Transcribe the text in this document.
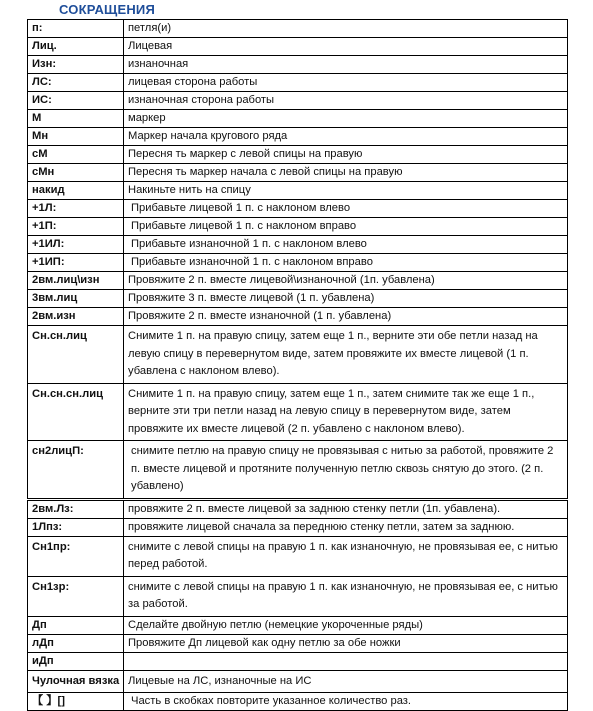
СОКРАЩЕНИЯ
п:	петля(и)
Лиц.	Лицевая
Изн:	изнаночная
ЛС:	лицевая сторона работы
ИС:	изнаночная сторона работы
М	маркер
Мн	Маркер начала кругового ряда
сМ	Пересня ть маркер с левой спицы на правую
сМн	Пересня ть маркер начала с левой спицы на правую
накид	Накиньте нить на спицу
+1Л:	Прибавьте лицевой 1 п. с наклоном влево
+1П:	Прибавьте лицевой 1 п. с наклоном вправо
+1ИЛ:	Прибавьте изнаночной 1 п. с наклоном влево
+1ИП:	Прибавьте изнаночной 1 п. с наклоном вправо
2вм.лиц\изн	Провяжите 2 п. вместе лицевой\изнаночной (1п. убавлена)
3вм.лиц	Провяжите 3 п. вместе лицевой (1 п. убавлена)
2вм.изн	Провяжите 2 п. вместе изнаночной (1 п. убавлена)
Сн.сн.лиц	Снимите 1 п. на правую спицу, затем еще 1 п., верните эти обе петли назад на левую спицу в перевернутом виде, затем провяжите их вместе лицевой (1 п. убавлена с наклоном влево).
Сн.сн.сн.лиц	Снимите 1 п. на правую спицу, затем еще 1 п., затем снимите так же еще 1 п., верните эти три петли назад на левую спицу в перевернутом виде, затем провяжите их вместе лицевой (2 п. убавлено с наклоном влево).
сн2лицП:	снимите петлю на правую спицу не провязывая с нитью за работой, провяжите 2 п. вместе лицевой и протяните полученную петлю сквозь снятую до этого. (2 п. убавлено)
2вм.Лз:	провяжите 2 п. вместе лицевой за заднюю стенку петли (1п. убавлена).
1Лпз:	провяжите лицевой сначала за переднюю стенку петли, затем за заднюю.
Сн1пр:	снимите с левой спицы на правую 1 п. как изнаночную, не провязывая ее, с нитью перед работой.
Сн1зр:	снимите с левой спицы на правую 1 п. как изнаночную, не провязывая ее, с нитью за работой.
Дп	Сделайте двойную петлю (немецкие укороченные ряды)
лДп	Провяжите Дп лицевой как одну петлю за обе ножки
иДп	
Чулочная вязка	Лицевые на ЛС, изнаночные на ИС
【 】[]	Часть в скобках повторите указанное количество раз.
